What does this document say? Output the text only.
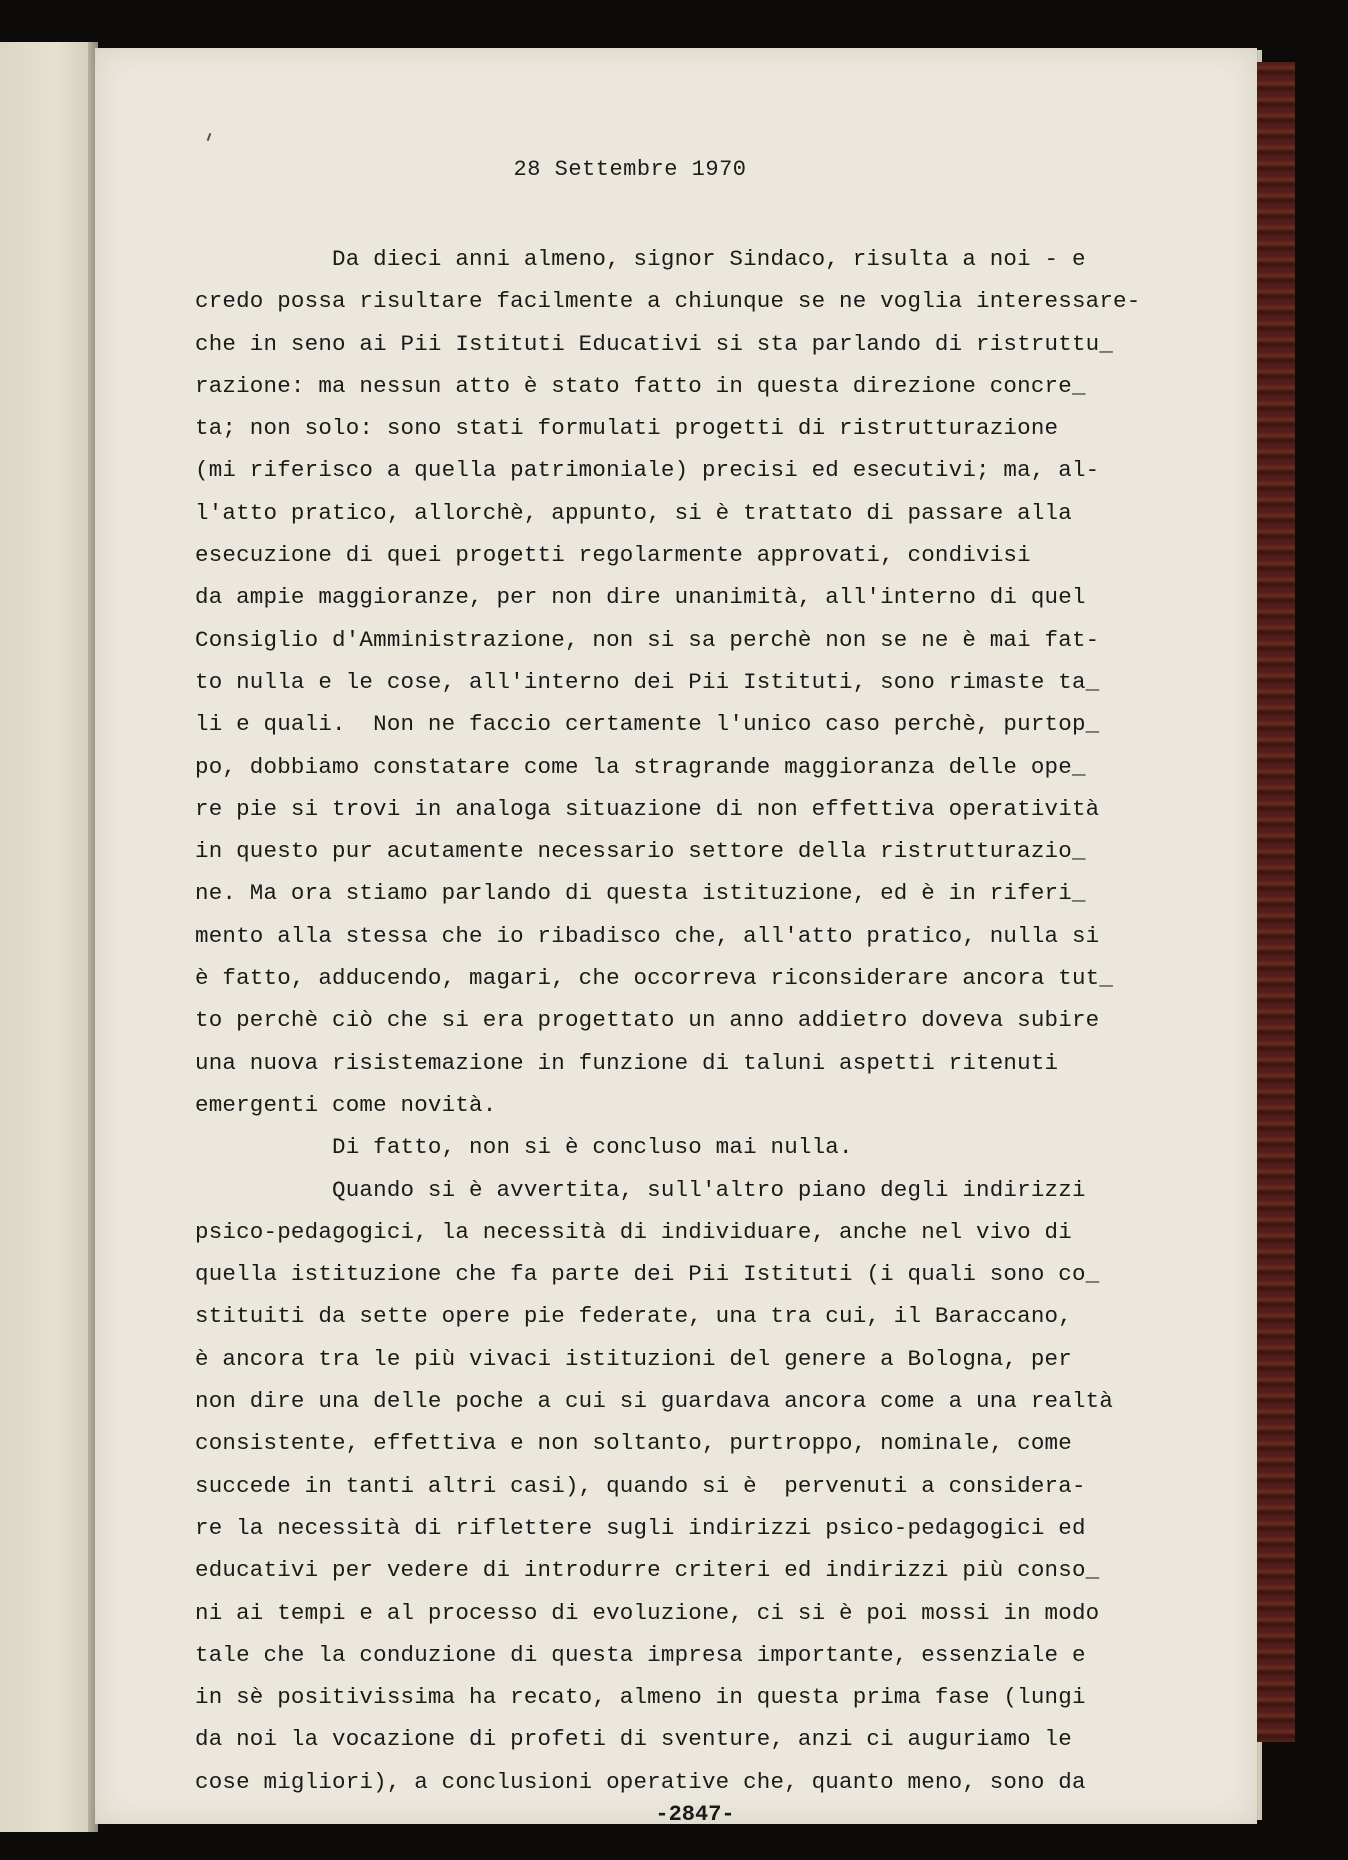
28 Settembre 1970
Da dieci anni almeno, signor Sindaco, risulta a noi - e
credo possa risultare facilmente a chiunque se ne voglia interessare-
che in seno ai Pii Istituti Educativi si sta parlando di ristruttu_
razione: ma nessun atto è stato fatto in questa direzione concre_
ta; non solo: sono stati formulati progetti di ristrutturazione
(mi riferisco a quella patrimoniale) precisi ed esecutivi; ma, al-
l'atto pratico, allorchè, appunto, si è trattato di passare alla
esecuzione di quei progetti regolarmente approvati, condivisi
da ampie maggioranze, per non dire unanimità, all'interno di quel
Consiglio d'Amministrazione, non si sa perchè non se ne è mai fat-
to nulla e le cose, all'interno dei Pii Istituti, sono rimaste ta_
li e quali.  Non ne faccio certamente l'unico caso perchè, purtop_
po, dobbiamo constatare come la stragrande maggioranza delle ope_
re pie si trovi in analoga situazione di non effettiva operatività
in questo pur acutamente necessario settore della ristrutturazio_
ne. Ma ora stiamo parlando di questa istituzione, ed è in riferi_
mento alla stessa che io ribadisco che, all'atto pratico, nulla si
è fatto, adducendo, magari, che occorreva riconsiderare ancora tut_
to perchè ciò che si era progettato un anno addietro doveva subire
una nuova risistemazione in funzione di taluni aspetti ritenuti
emergenti come novità.
Di fatto, non si è concluso mai nulla.
Quando si è avvertita, sull'altro piano degli indirizzi
psico-pedagogici, la necessità di individuare, anche nel vivo di
quella istituzione che fa parte dei Pii Istituti (i quali sono co_
stituiti da sette opere pie federate, una tra cui, il Baraccano,
è ancora tra le più vivaci istituzioni del genere a Bologna, per
non dire una delle poche a cui si guardava ancora come a una realtà
consistente, effettiva e non soltanto, purtroppo, nominale, come
succede in tanti altri casi), quando si è  pervenuti a considera-
re la necessità di riflettere sugli indirizzi psico-pedagogici ed
educativi per vedere di introdurre criteri ed indirizzi più conso_
ni ai tempi e al processo di evoluzione, ci si è poi mossi in modo
tale che la conduzione di questa impresa importante, essenziale e
in sè positivissima ha recato, almeno in questa prima fase (lungi
da noi la vocazione di profeti di sventure, anzi ci auguriamo le
cose migliori), a conclusioni operative che, quanto meno, sono da
-2847-
